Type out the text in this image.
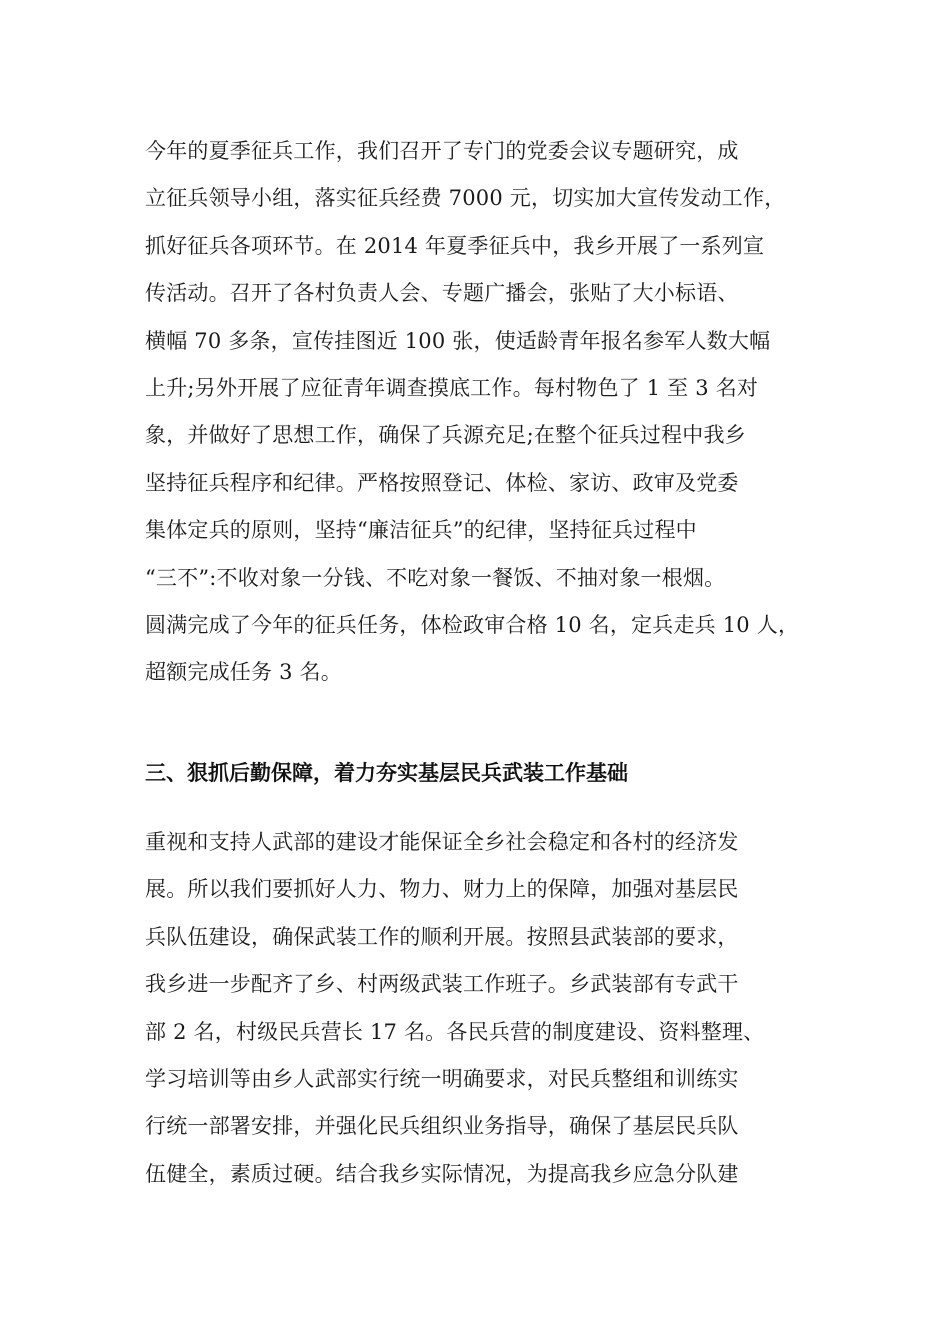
今年的夏季征兵工作，我们召开了专门的党委会议专题研究，成
立征兵领导小组，落实征兵经费 7000 元，切实加大宣传发动工作，
抓好征兵各项环节。在 2014 年夏季征兵中，我乡开展了一系列宣
传活动。召开了各村负责人会、专题广播会，张贴了大小标语、
横幅 70 多条，宣传挂图近 100 张，使适龄青年报名参军人数大幅
上升;另外开展了应征青年调查摸底工作。每村物色了 1 至 3 名对
象，并做好了思想工作，确保了兵源充足;在整个征兵过程中我乡
坚持征兵程序和纪律。严格按照登记、体检、家访、政审及党委
集体定兵的原则，坚持“廉洁征兵”的纪律，坚持征兵过程中
“三不”:不收对象一分钱、不吃对象一餐饭、不抽对象一根烟。
圆满完成了今年的征兵任务，体检政审合格 10 名，定兵走兵 10 人，
超额完成任务 3 名。
三、狠抓后勤保障，着力夯实基层民兵武装工作基础
重视和支持人武部的建设才能保证全乡社会稳定和各村的经济发
展。所以我们要抓好人力、物力、财力上的保障，加强对基层民
兵队伍建设，确保武装工作的顺利开展。按照县武装部的要求，
我乡进一步配齐了乡、村两级武装工作班子。乡武装部有专武干
部 2 名，村级民兵营长 17 名。各民兵营的制度建设、资料整理、
学习培训等由乡人武部实行统一明确要求，对民兵整组和训练实
行统一部署安排，并强化民兵组织业务指导，确保了基层民兵队
伍健全，素质过硬。结合我乡实际情况，为提高我乡应急分队建
